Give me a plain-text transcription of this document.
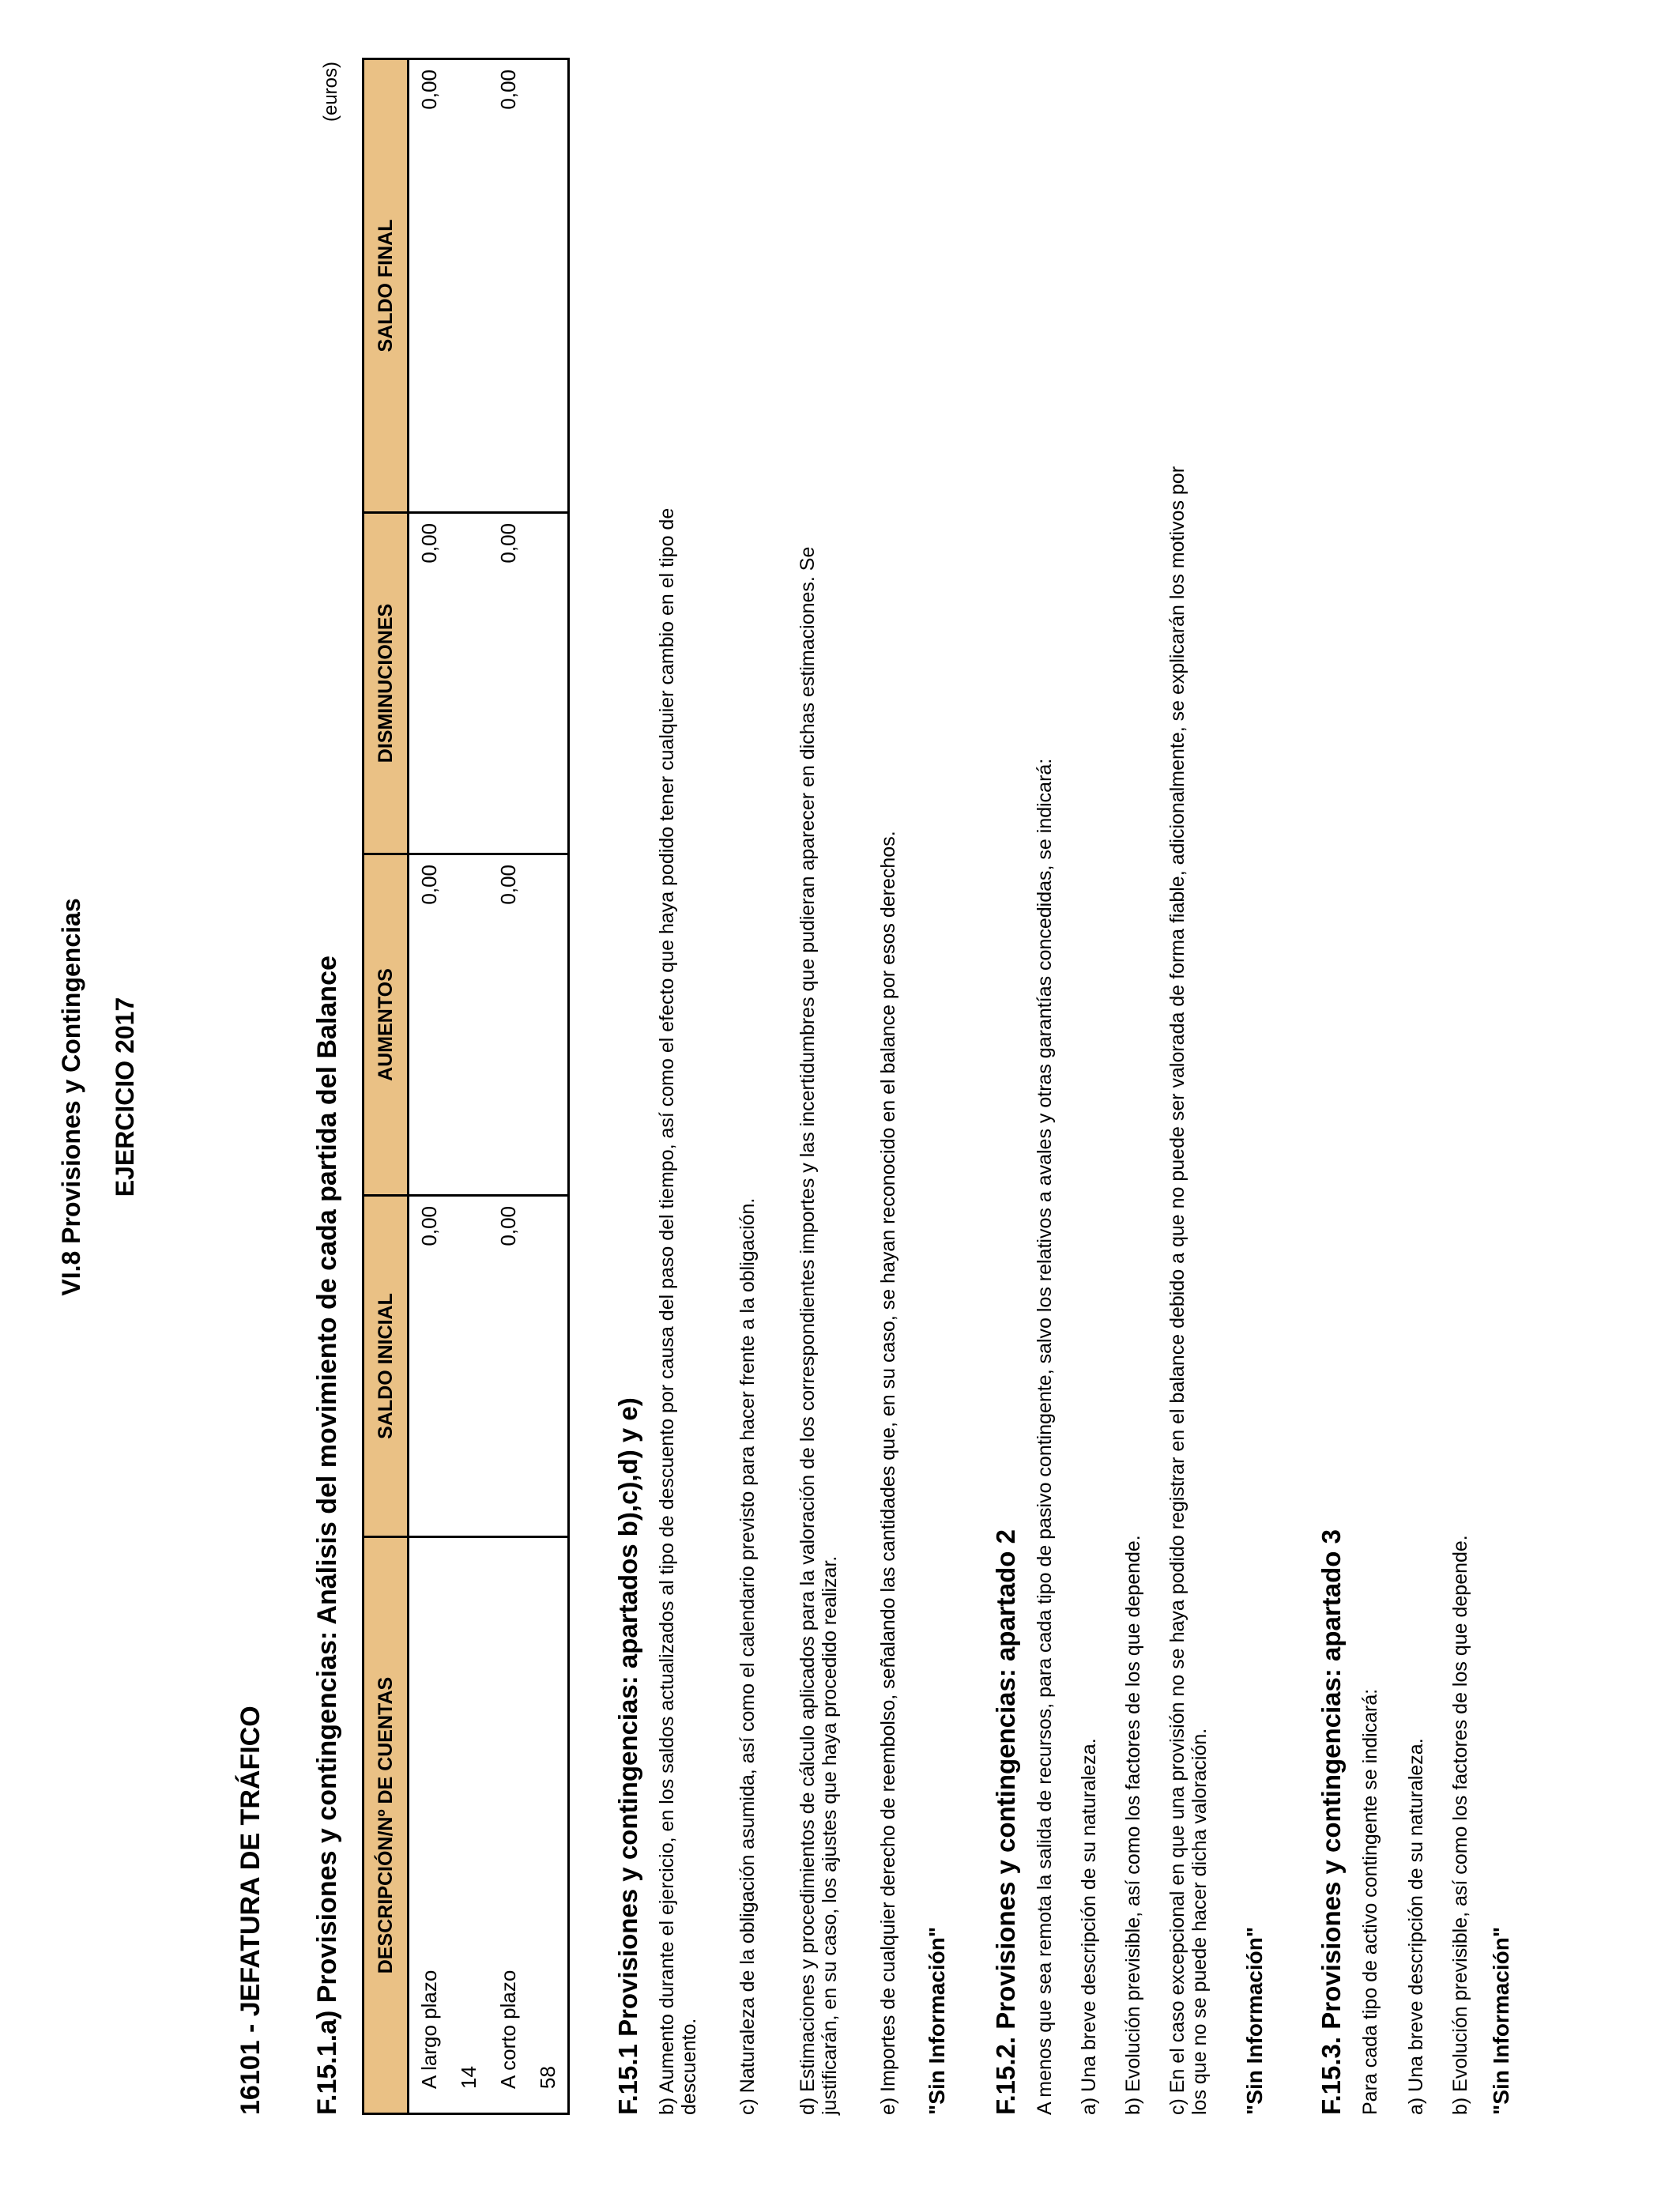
VI.8 Provisiones y Contingencias EJERCICIO 2017
16101 - JEFATURA DE TRÁFICO F.15.1.a) Provisiones y contingencias: Análisis del movimiento de cada partida del Balance
(euros)
DESCRIPCIÓN/Nº DE CUENTAS	SALDO INICIAL	AUMENTOS	DISMINUCIONES	SALDO FINAL

A largo plazo 14	0,00	0,00	0,00	0,00

A corto plazo 58	0,00	0,00	0,00	0,00
F.15.1 Provisiones y contingencias: apartados b),c),d) y e) b) Aumento durante el ejercicio, en los saldos actualizados al tipo de descuento por causa del paso del tiempo, así como el efecto que haya podido tener cualquier cambio en el tipo de descuento. c) Naturaleza de la obligación asumida, así como el calendario previsto para hacer frente a la obligación. d) Estimaciones y procedimientos de cálculo aplicados para la valoración de los correspondientes importes y las incertidumbres que pudieran aparecer en dichas estimaciones. Se justificarán, en su caso, los ajustes que haya procedido realizar. e) Importes de cualquier derecho de reembolso, señalando las cantidades que, en su caso, se hayan reconocido en el balance por esos derechos. "Sin Información" F.15.2. Provisiones y contingencias: apartado 2 A menos que sea remota la salida de recursos, para cada tipo de pasivo contingente, salvo los relativos a avales y otras garantías concedidas, se indicará: a) Una breve descripción de su naturaleza. b) Evolución previsible, así como los factores de los que depende. c) En el caso excepcional en que una provisión no se haya podido registrar en el balance debido a que no puede ser valorada de forma fiable, adicionalmente, se explicarán los motivos por los que no se puede hacer dicha valoración. "Sin Información" F.15.3. Provisiones y contingencias: apartado 3 Para cada tipo de activo contingente se indicará: a) Una breve descripción de su naturaleza. b) Evolución previsible, así como los factores de los que depende. "Sin Información"
